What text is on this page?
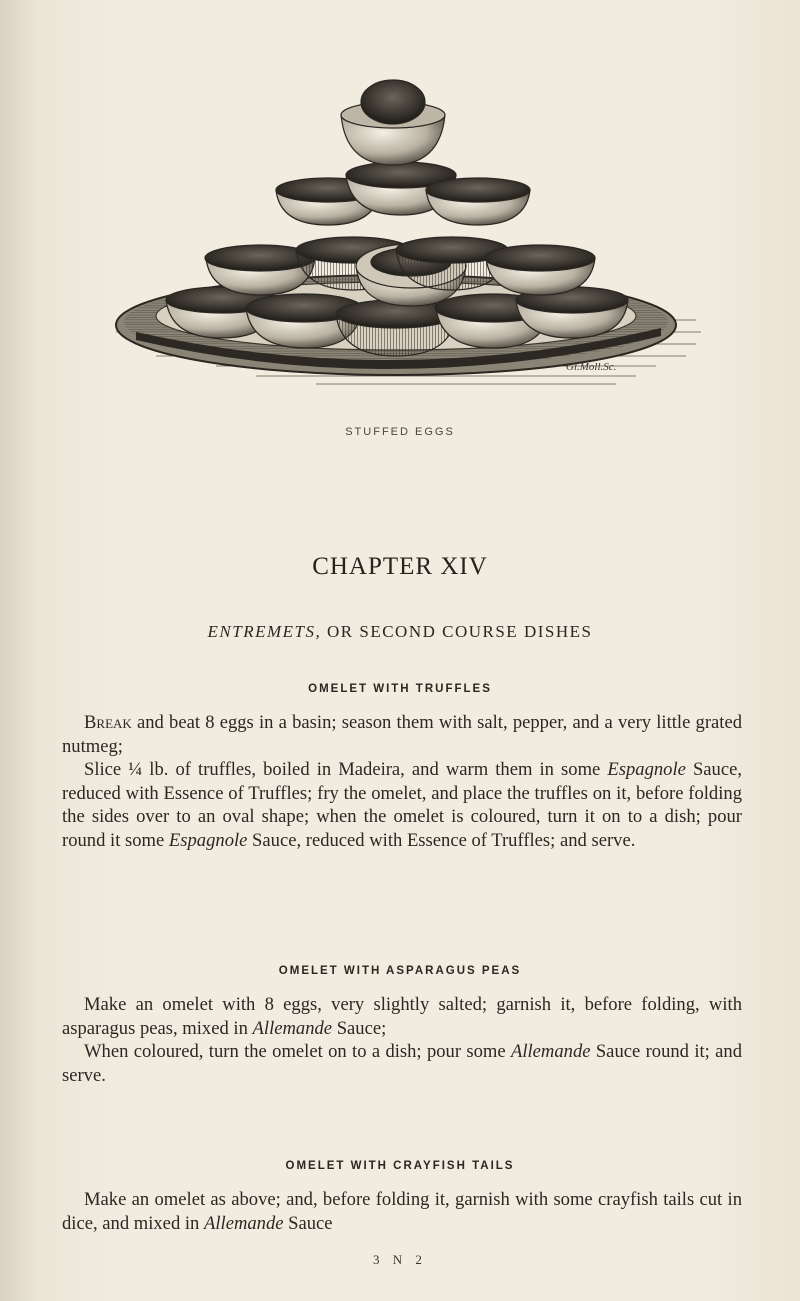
Gl.Moll.Sc.
STUFFED EGGS
CHAPTER XIV
ENTREMETS, OR SECOND COURSE DISHES
OMELET WITH TRUFFLES

Break and beat 8 eggs in a basin; season them with salt, pepper, and a very little grated nutmeg;

Slice ¼ lb. of truffles, boiled in Madeira, and warm them in some Espagnole Sauce, reduced with Essence of Truffles; fry the omelet, and place the truffles on it, before folding the sides over to an oval shape; when the omelet is coloured, turn it on to a dish; pour round it some Espagnole Sauce, reduced with Essence of Truffles; and serve.

OMELET WITH ASPARAGUS PEAS

Make an omelet with 8 eggs, very slightly salted; garnish it, before folding, with asparagus peas, mixed in Allemande Sauce;

When coloured, turn the omelet on to a dish; pour some Allemande Sauce round it; and serve.

OMELET WITH CRAYFISH TAILS

Make an omelet as above; and, before folding it, garnish with some crayfish tails cut in dice, and mixed in Allemande Sauce

3 N 2
